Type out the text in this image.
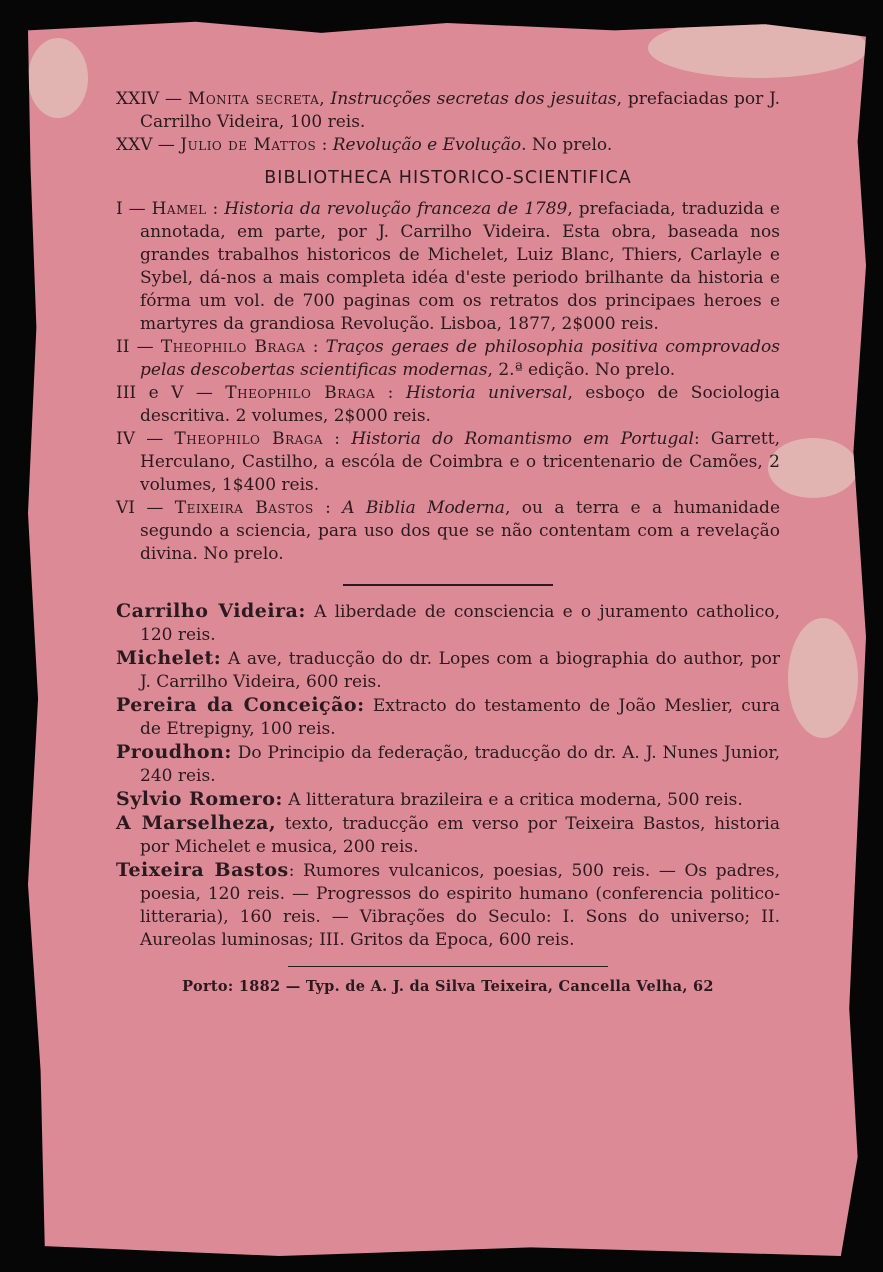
XXIV — Monita secreta, Instrucções secretas dos jesuitas, prefaciadas por J. Carrilho Videira, 100 reis.

XXV — Julio de Mattos : Revolução e Evolução. No prelo.

BIBLIOTHECA HISTORICO-SCIENTIFICA

I — Hamel : Historia da revolução franceza de 1789, prefaciada, traduzida e annotada, em parte, por J. Carrilho Videira. Esta obra, baseada nos grandes trabalhos historicos de Michelet, Luiz Blanc, Thiers, Carlayle e Sybel, dá-nos a mais completa idéa d'este periodo brilhante da historia e fórma um vol. de 700 paginas com os retratos dos principaes heroes e martyres da grandiosa Revolução. Lisboa, 1877, 2$000 reis.

II — Theophilo Braga : Traços geraes de philosophia positiva comprovados pelas descobertas scientificas modernas, 2.ª edição. No prelo.

III e V — Theophilo Braga : Historia universal, esboço de Sociologia descritiva. 2 volumes, 2$000 reis.

IV — Theophilo Braga : Historia do Romantismo em Portugal: Garrett, Herculano, Castilho, a escóla de Coimbra e o tricentenario de Camões, 2 volumes, 1$400 reis.

VI — Teixeira Bastos : A Biblia Moderna, ou a terra e a humanidade segundo a sciencia, para uso dos que se não contentam com a revelação divina. No prelo.

Carrilho Videira: A liberdade de consciencia e o juramento catholico, 120 reis.

Michelet: A ave, traducção do dr. Lopes com a biographia do author, por J. Carrilho Videira, 600 reis.

Pereira da Conceição: Extracto do testamento de João Meslier, cura de Etrepigny, 100 reis.

Proudhon: Do Principio da federação, traducção do dr. A. J. Nunes Junior, 240 reis.

Sylvio Romero: A litteratura brazileira e a critica moderna, 500 reis.

A Marselheza, texto, traducção em verso por Teixeira Bastos, historia por Michelet e musica, 200 reis.

Teixeira Bastos: Rumores vulcanicos, poesias, 500 reis. — Os padres, poesia, 120 reis. — Progressos do espirito humano (conferencia politico-litteraria), 160 reis. — Vibrações do Seculo: I. Sons do universo; II. Aureolas luminosas; III. Gritos da Epoca, 600 reis.

Porto: 1882 — Typ. de A. J. da Silva Teixeira, Cancella Velha, 62
